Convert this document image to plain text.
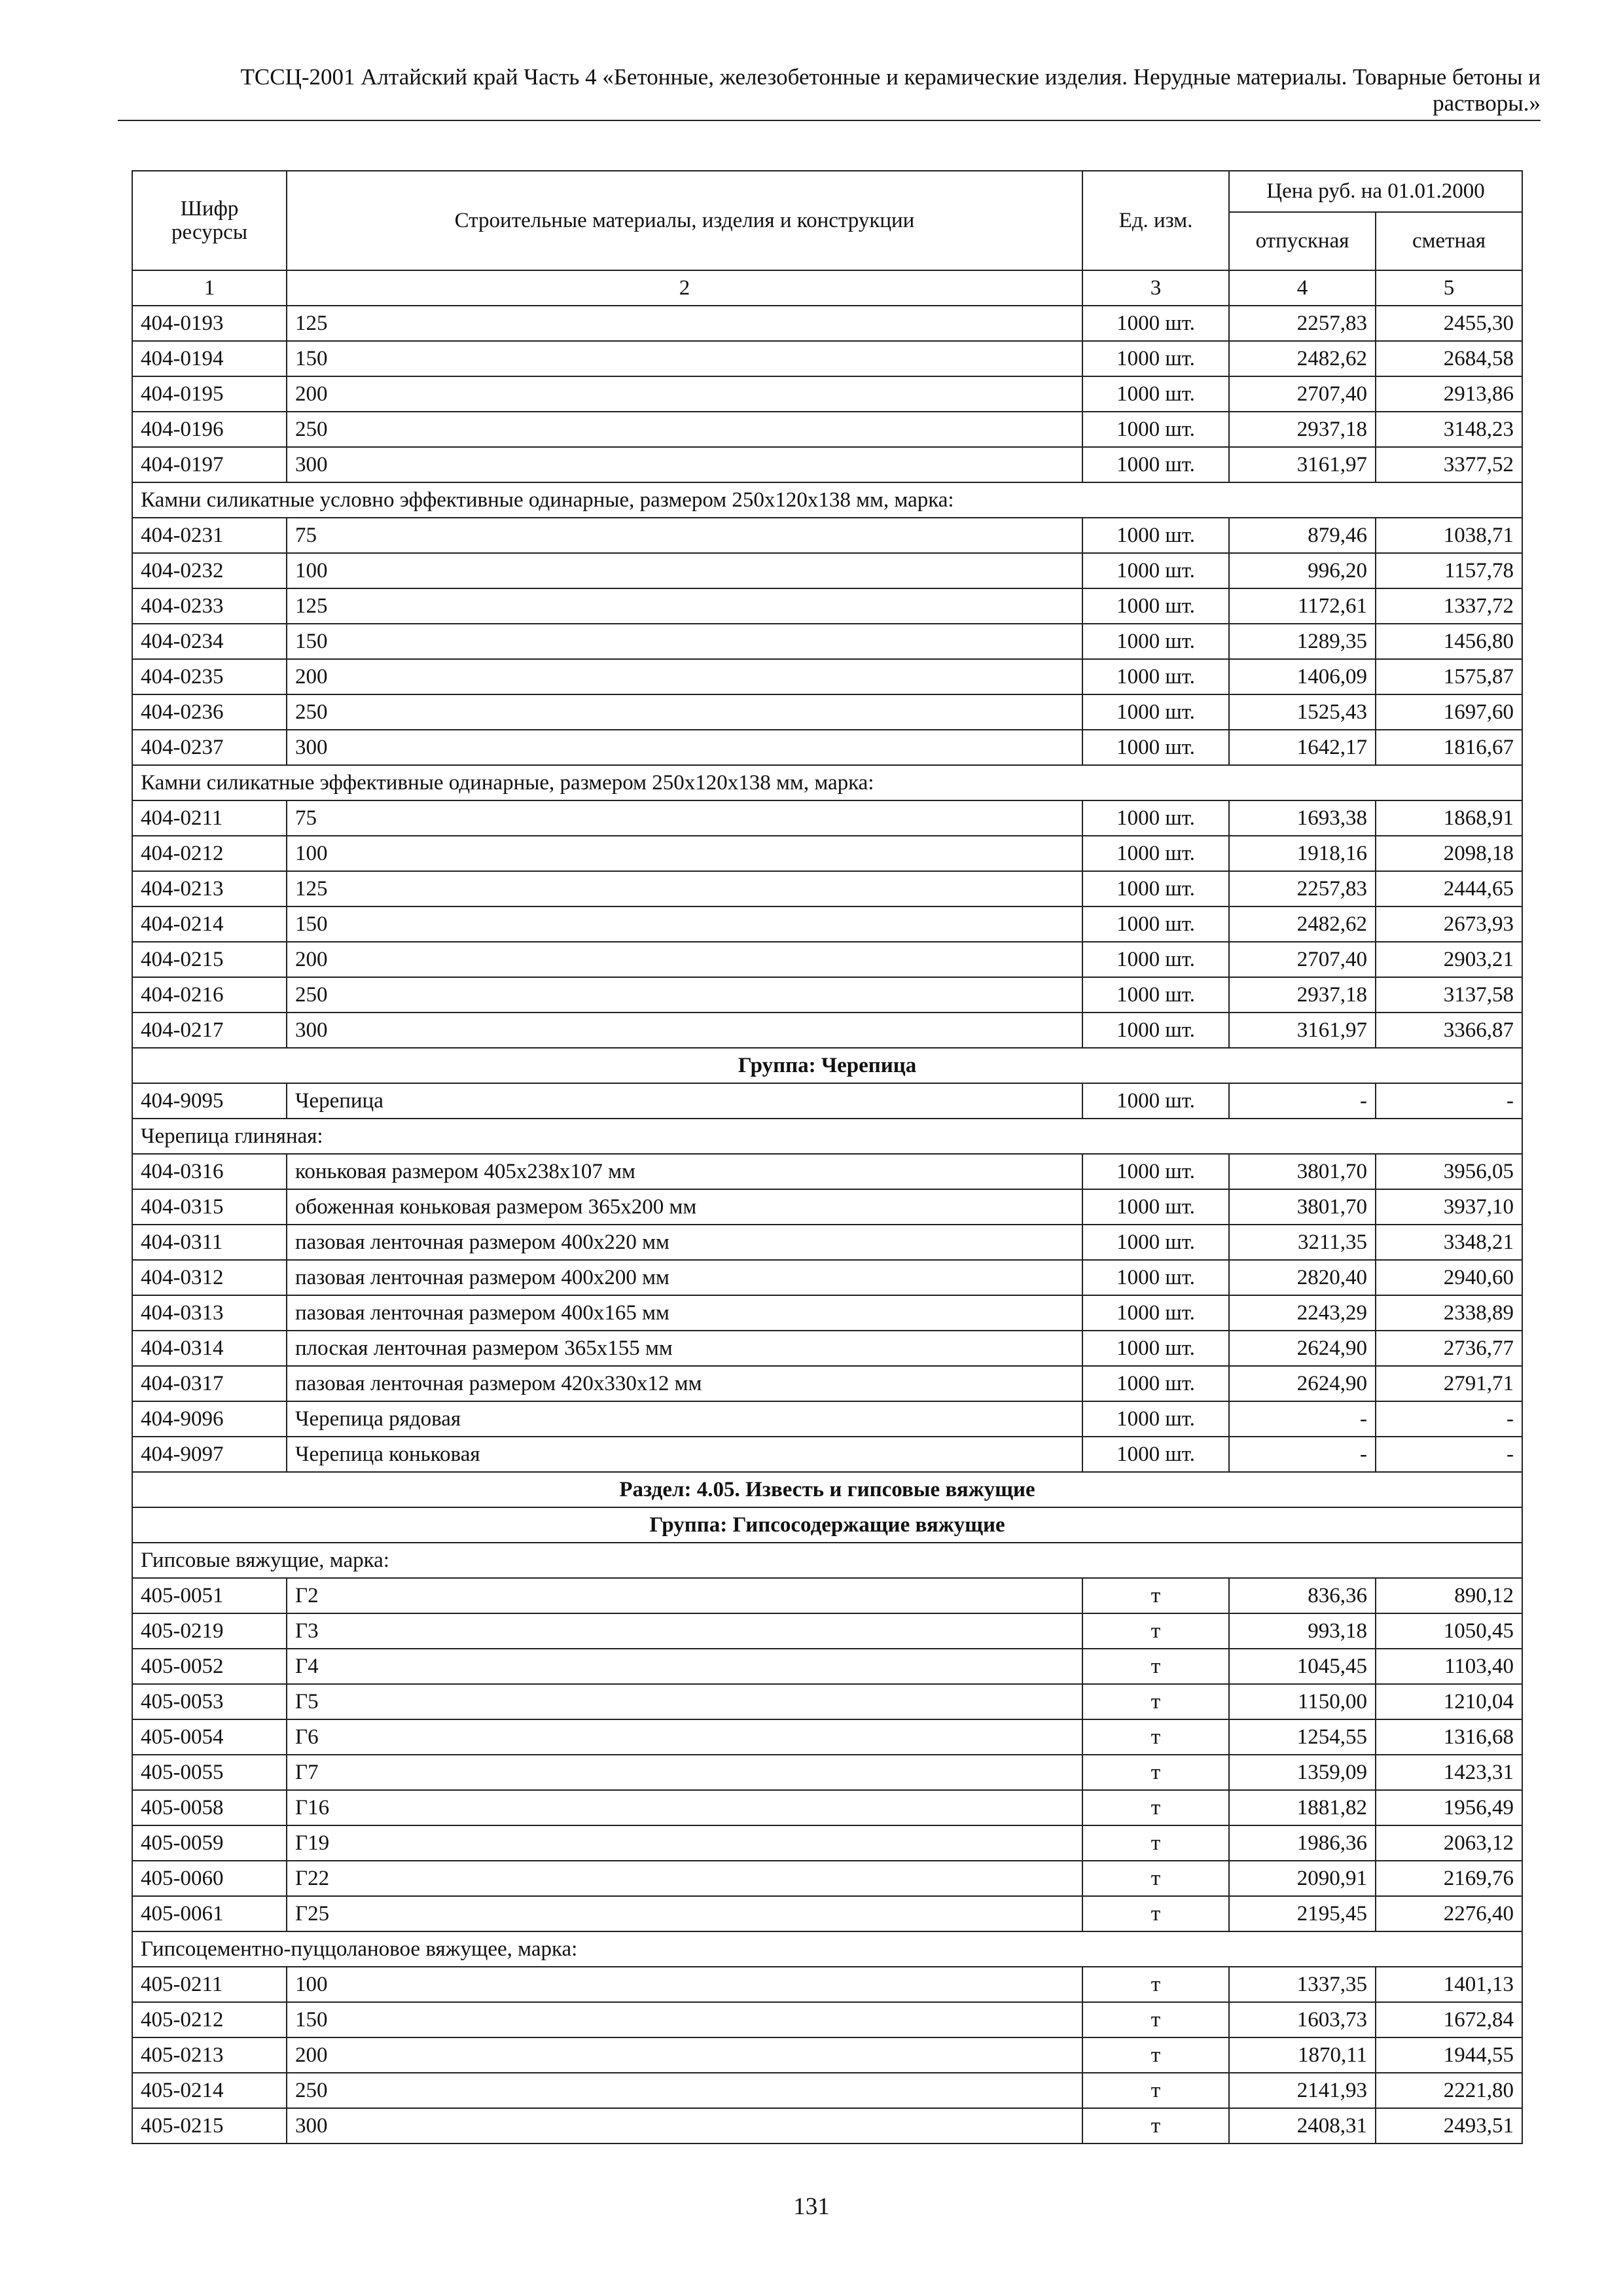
ТССЦ-2001 Алтайский край Часть 4 «Бетонные, железобетонные и керамические изделия. Нерудные материалы. Товарные бетоны и
растворы.»
Шифр ресурсы	Строительные материалы, изделия и конструкции	Ед. изм.	Цена руб. на 01.01.2000	
			отпускная	сметная
1	2	3	4	5
404-0193	125	1000 шт.	2257,83	2455,30
404-0194	150	1000 шт.	2482,62	2684,58
404-0195	200	1000 шт.	2707,40	2913,86
404-0196	250	1000 шт.	2937,18	3148,23
404-0197	300	1000 шт.	3161,97	3377,52
Камни силикатные условно эффективные одинарные, размером 250х120х138 мм, марка:				
404-0231	75	1000 шт.	879,46	1038,71
404-0232	100	1000 шт.	996,20	1157,78
404-0233	125	1000 шт.	1172,61	1337,72
404-0234	150	1000 шт.	1289,35	1456,80
404-0235	200	1000 шт.	1406,09	1575,87
404-0236	250	1000 шт.	1525,43	1697,60
404-0237	300	1000 шт.	1642,17	1816,67
Камни силикатные эффективные одинарные, размером 250х120х138 мм, марка:				
404-0211	75	1000 шт.	1693,38	1868,91
404-0212	100	1000 шт.	1918,16	2098,18
404-0213	125	1000 шт.	2257,83	2444,65
404-0214	150	1000 шт.	2482,62	2673,93
404-0215	200	1000 шт.	2707,40	2903,21
404-0216	250	1000 шт.	2937,18	3137,58
404-0217	300	1000 шт.	3161,97	3366,87
Группа: Черепица				
404-9095	Черепица	1000 шт.	-	-
Черепица глиняная:				
404-0316	коньковая размером 405х238х107 мм	1000 шт.	3801,70	3956,05
404-0315	обоженная коньковая размером 365х200 мм	1000 шт.	3801,70	3937,10
404-0311	пазовая ленточная размером 400х220 мм	1000 шт.	3211,35	3348,21
404-0312	пазовая ленточная размером 400х200 мм	1000 шт.	2820,40	2940,60
404-0313	пазовая ленточная размером 400х165 мм	1000 шт.	2243,29	2338,89
404-0314	плоская ленточная размером 365х155 мм	1000 шт.	2624,90	2736,77
404-0317	пазовая ленточная размером 420х330х12 мм	1000 шт.	2624,90	2791,71
404-9096	Черепица рядовая	1000 шт.	-	-
404-9097	Черепица коньковая	1000 шт.	-	-
Раздел: 4.05. Известь и гипсовые вяжущие				
Группа: Гипсосодержащие вяжущие				
Гипсовые вяжущие, марка:				
405-0051	Г2	т	836,36	890,12
405-0219	Г3	т	993,18	1050,45
405-0052	Г4	т	1045,45	1103,40
405-0053	Г5	т	1150,00	1210,04
405-0054	Г6	т	1254,55	1316,68
405-0055	Г7	т	1359,09	1423,31
405-0058	Г16	т	1881,82	1956,49
405-0059	Г19	т	1986,36	2063,12
405-0060	Г22	т	2090,91	2169,76
405-0061	Г25	т	2195,45	2276,40
Гипсоцементно-пуццолановое вяжущее, марка:				
405-0211	100	т	1337,35	1401,13
405-0212	150	т	1603,73	1672,84
405-0213	200	т	1870,11	1944,55
405-0214	250	т	2141,93	2221,80
405-0215	300	т	2408,31	2493,51
131
